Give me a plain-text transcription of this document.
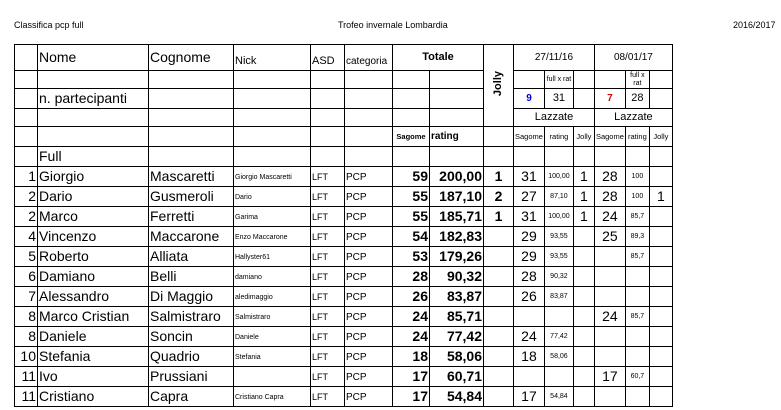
Classifica pcp full	Trofeo invernale Lombardia	2016/2017
	Nome	Cognome	Nick	ASD	categoria	Totale		Jolly	27/11/16			08/01/17		
										full x rat			full x rat	
	n. partecipanti								9	31		7	28	
									Lazzate			Lazzate		
						Sagome	rating		Sagome	rating	Jolly	Sagome	rating	Jolly
	Full													
1	Giorgio	Mascaretti	Giorgio Mascaretti	LFT	PCP	59	200,00	1	31	100,00	1	28	100	
2	Dario	Gusmeroli	Dario	LFT	PCP	55	187,10	2	27	87,10	1	28	100	1
2	Marco	Ferretti	Garima	LFT	PCP	55	185,71	1	31	100,00	1	24	85,7	
4	Vincenzo	Maccarone	Enzo Maccarone	LFT	PCP	54	182,83		29	93,55		25	89,3	
5	Roberto	Alliata	Hallyster61	LFT	PCP	53	179,26		29	93,55			85,7	
6	Damiano	Belli	damiano	LFT	PCP	28	90,32		28	90,32				
7	Alessandro	Di Maggio	aledimaggio	LFT	PCP	26	83,87		26	83,87				
8	Marco Cristian	Salmistraro	Salmistraro	LFT	PCP	24	85,71					24	85,7	
8	Daniele	Soncin	Daniele	LFT	PCP	24	77,42		24	77,42				
10	Stefania	Quadrio	Stefania	LFT	PCP	18	58,06		18	58,06				
11	Ivo	Prussiani		LFT	PCP	17	60,71					17	60,7	
11	Cristiano	Capra	Cristiano Capra	LFT	PCP	17	54,84		17	54,84				
